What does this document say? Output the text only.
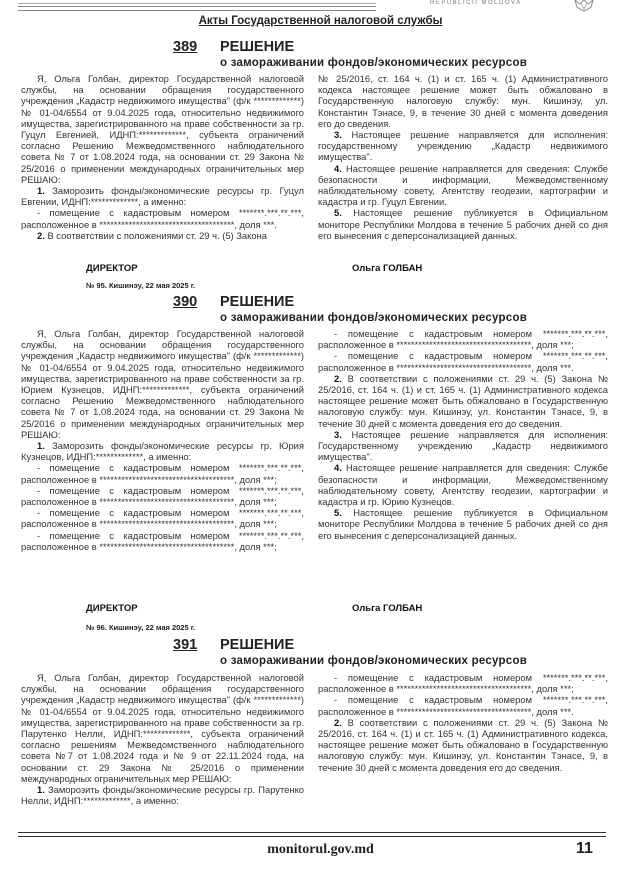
REPUBLICII MOLDOVA
Акты Государственной налоговой службы
389 РЕШЕНИЕ
о замораживании фондов/экономических ресурсов

Я, Ольга Голбан, директор Государственной налоговой службы, на основании обращения государственного учреждения „Кадастр недвижимого имущества" (ф/к *************) № 01-04/6554 от 9.04.2025 года, относительно недвижимого имущества, зарегистрированного на праве собственности за гр. Гуцул Евгенией, ИДНП:*************, субъекта ограничений согласно Решению Межведомственного наблюдательного совета № 7 от 1.08.2024 года, на основании ст. 29 Закона № 25/2016 о применении международных ограничительных мер РЕШАЮ:

1. Заморозить фонды/экономические ресурсы гр. Гуцул Евгении, ИДНП:*************, а именно:

- помещение с кадастровым номером *******.***.**.***, расположенное в *************************************, доля ***.

2. В соответствии с положениями ст. 29 ч. (5) Закона

№ 25/2016, ст. 164 ч. (1) и ст. 165 ч. (1) Административного кодекса настоящее решение может быть обжаловано в Государственную налоговую службу: мун. Кишинэу, ул. Константин Тэнасе, 9, в течение 30 дней с момента доведения его до сведения.

3. Настоящее решение направляется для исполнения: государственному учреждению „Кадастр недвижимого имущества".

4. Настоящее решение направляется для сведения: Службе безопасности и информации, Межведомственному наблюдательному совету, Агентству геодезии, картографии и кадастра и гр. Гуцул Евгении.

5. Настоящее решение публикуется в Официальном мониторе Республики Молдова в течение 5 рабочих дней со дня его вынесения с деперсонализацией данных.

ДИРЕКТОР	Ольга ГОЛБАН
№ 95. Кишинэу, 22 мая 2025 г.
390 РЕШЕНИЕ
о замораживании фондов/экономических ресурсов

Я, Ольга Голбан, директор Государственной налоговой службы, на основании обращения государственного учреждения „Кадастр недвижимого имущества" (ф/к *************) № 01-04/6554 от 9.04.2025 года, относительно недвижимого имущества, зарегистрированного на праве собственности за гр. Юрием Кузнецов, ИДНП:*************, субъекта ограничений согласно Решению Межведомственного наблюдательного совета № 7 от 1.08.2024 года, на основании ст. 29 Закона № 25/2016 о применении международных ограничительных мер РЕШАЮ:

1. Заморозить фонды/экономические ресурсы гр. Юрия Кузнецов, ИДНП:*************, а именно:

- помещение с кадастровым номером *******.***.**.***, расположенное в *************************************, доля ***;

- помещение с кадастровым номером *******.***.**.***, расположенное в *************************************, доля ***;

- помещение с кадастровым номером *******.***.**.***, расположенное в *************************************, доля ***;

- помещение с кадастровым номером *******.***.**.***, расположенное в *************************************, доля ***;

- помещение с кадастровым номером *******.***.**.***, расположенное в *************************************, доля ***;

- помещение с кадастровым номером *******.***.**.***, расположенное в *************************************, доля ***.

2. В соответствии с положениями ст. 29 ч. (5) Закона № 25/2016, ст. 164 ч. (1) и ст. 165 ч. (1) Административного кодекса настоящее решение может быть обжаловано в Государственную налоговую службу: мун. Кишинэу, ул. Константин Тэнасе, 9, в течение 30 дней с момента доведения его до сведения.

3. Настоящее решение направляется для исполнения: Государственному учреждению „Кадастр недвижимого имущества".

4. Настоящее решение направляется для сведения: Службе безопасности и информации, Межведомственному наблюдательному совету, Агентству геодезии, картографии и кадастра и гр. Юрию Кузнецов.

5. Настоящее решение публикуется в Официальном мониторе Республики Молдова в течение 5 рабочих дней со дня его вынесения с деперсонализацией данных.

ДИРЕКТОР	Ольга ГОЛБАН
№ 96. Кишинэу, 22 мая 2025 г.
391 РЕШЕНИЕ
о замораживании фондов/экономических ресурсов

Я, Ольга Голбан, директор Государственной налоговой службы, на основании обращения государственного учреждения „Кадастр недвижимого имущества" (ф/к *************) № 01-04/6554 от 9.04.2025 года, относительно недвижимого имущества, зарегистрированного на праве собственности за гр. Парутенко Нелли, ИДНП:*************, субъекта ограничений согласно решениям Межведомственного наблюдательного совета №7 от 1.08.2024 года и № 9 от 22.11.2024 года, на основании ст. 29 Закона № 25/2016 о применении международных ограничительных мер РЕШАЮ:

1. Заморозить фонды/экономические ресурсы гр. Парутенко Нелли, ИДНП:*************, а именно:

- помещение с кадастровым номером *******.***.**.***, расположенное в *************************************, доля ***;

- помещение с кадастровым номером *******.***.**.***, расположенное в *************************************, доля ***.

2. В соответствии с положениями ст. 29 ч. (5) Закона № 25/2016, ст. 164 ч. (1) и ст. 165 ч. (1) Административного кодекса, настоящее решение может быть обжаловано в Государственную налоговую службу: мун. Кишинэу, ул. Константин Тэнасе, 9, в течение 30 дней с момента доведения его до сведения.

monitorul.gov.md	11
